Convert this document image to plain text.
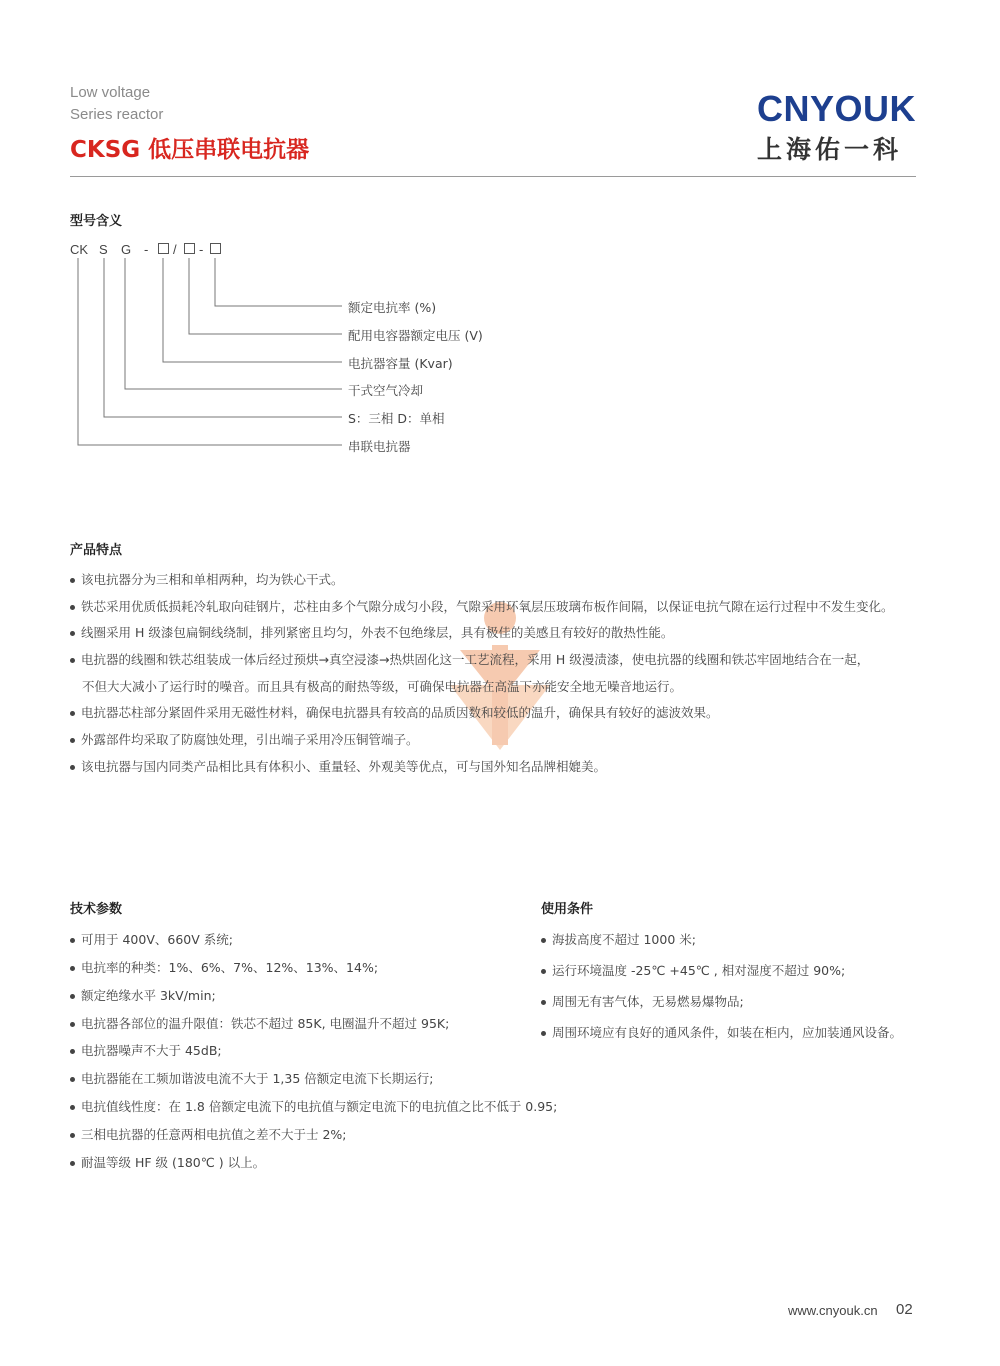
Low voltage
Series reactor
CKSG 低压串联电抗器
CNYOUK
上海佑一科
型号含义
CK S G - / -
额定电抗率 (%)
配用电容器额定电压 (V)
电抗器容量 (Kvar)
干式空气冷却
S：三相 D：单相
串联电抗器
产品特点
该电抗器分为三相和单相两种，均为铁心干式。
铁芯采用优质低损耗冷轧取向硅钢片，芯柱由多个气隙分成匀小段，气隙采用环氧层压玻璃布板作间隔，以保证电抗气隙在运行过程中不发生变化。
线圈采用 H 级漆包扁铜线绕制，排列紧密且均匀，外表不包绝缘层，具有极佳的美感且有较好的散热性能。
电抗器的线圈和铁芯组装成一体后经过预烘→真空浸漆→热烘固化这一工艺流程，采用 H 级漫渍漆，使电抗器的线圈和铁芯牢固地结合在一起，
不但大大减小了运行时的噪音。而且具有极高的耐热等级，可确保电抗器在高温下亦能安全地无噪音地运行。
电抗器芯柱部分紧固件采用无磁性材料，确保电抗器具有较高的品质因数和较低的温升，确保具有较好的滤波效果。
外露部件均采取了防腐蚀处理，引出端子采用冷压铜管端子。
该电抗器与国内同类产品相比具有体积小、重量轻、外观美等优点，可与国外知名品牌相媲美。
技术参数
可用于 400V、660V 系统;
电抗率的种类：1%、6%、7%、12%、13%、14%;
额定绝缘水平 3kV/min;
电抗器各部位的温升限值：铁芯不超过 85K, 电圈温升不超过 95K;
电抗器噪声不大于 45dB;
电抗器能在工频加谐波电流不大于 1,35 倍额定电流下长期运行;
电抗值线性度：在 1.8 倍额定电流下的电抗值与额定电流下的电抗值之比不低于 0.95;
三相电抗器的任意两相电抗值之差不大于士 2%;
耐温等级 HF 级 (180℃ ) 以上。
使用条件
海拔高度不超过 1000 米;
运行环境温度 -25℃ +45℃ , 相对湿度不超过 90%;
周围无有害气体，无易燃易爆物品;
周围环境应有良好的通风条件，如装在柜内，应加装通风设备。
www.cnyouk.cn 02
